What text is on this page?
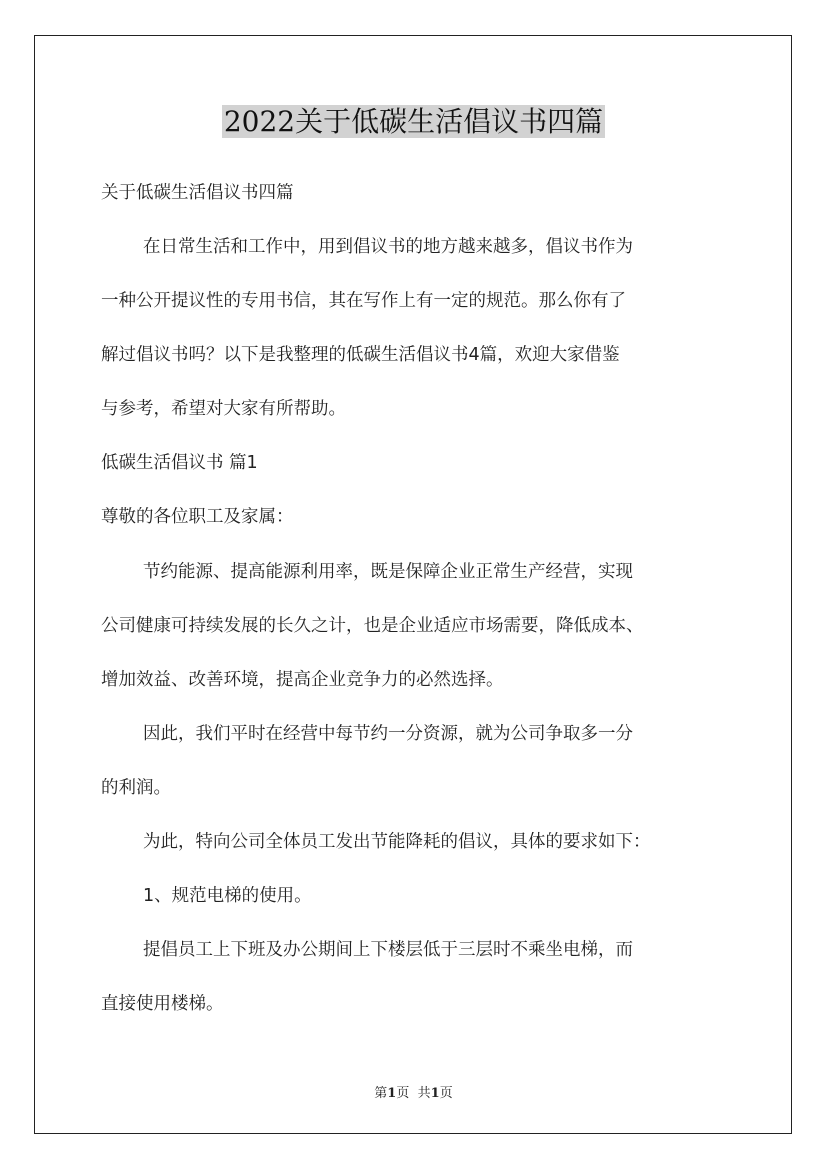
2022关于低碳生活倡议书四篇

关于低碳生活倡议书四篇

在日常生活和工作中，用到倡议书的地方越来越多，倡议书作为

一种公开提议性的专用书信，其在写作上有一定的规范。那么你有了

解过倡议书吗？以下是我整理的低碳生活倡议书4篇，欢迎大家借鉴

与参考，希望对大家有所帮助。

低碳生活倡议书 篇1

尊敬的各位职工及家属：

节约能源、提高能源利用率，既是保障企业正常生产经营，实现

公司健康可持续发展的长久之计，也是企业适应市场需要，降低成本、

增加效益、改善环境，提高企业竞争力的必然选择。

因此，我们平时在经营中每节约一分资源，就为公司争取多一分

的利润。

为此，特向公司全体员工发出节能降耗的倡议，具体的要求如下：

1、规范电梯的使用。

提倡员工上下班及办公期间上下楼层低于三层时不乘坐电梯，而

直接使用楼梯。

第1页 共1页
